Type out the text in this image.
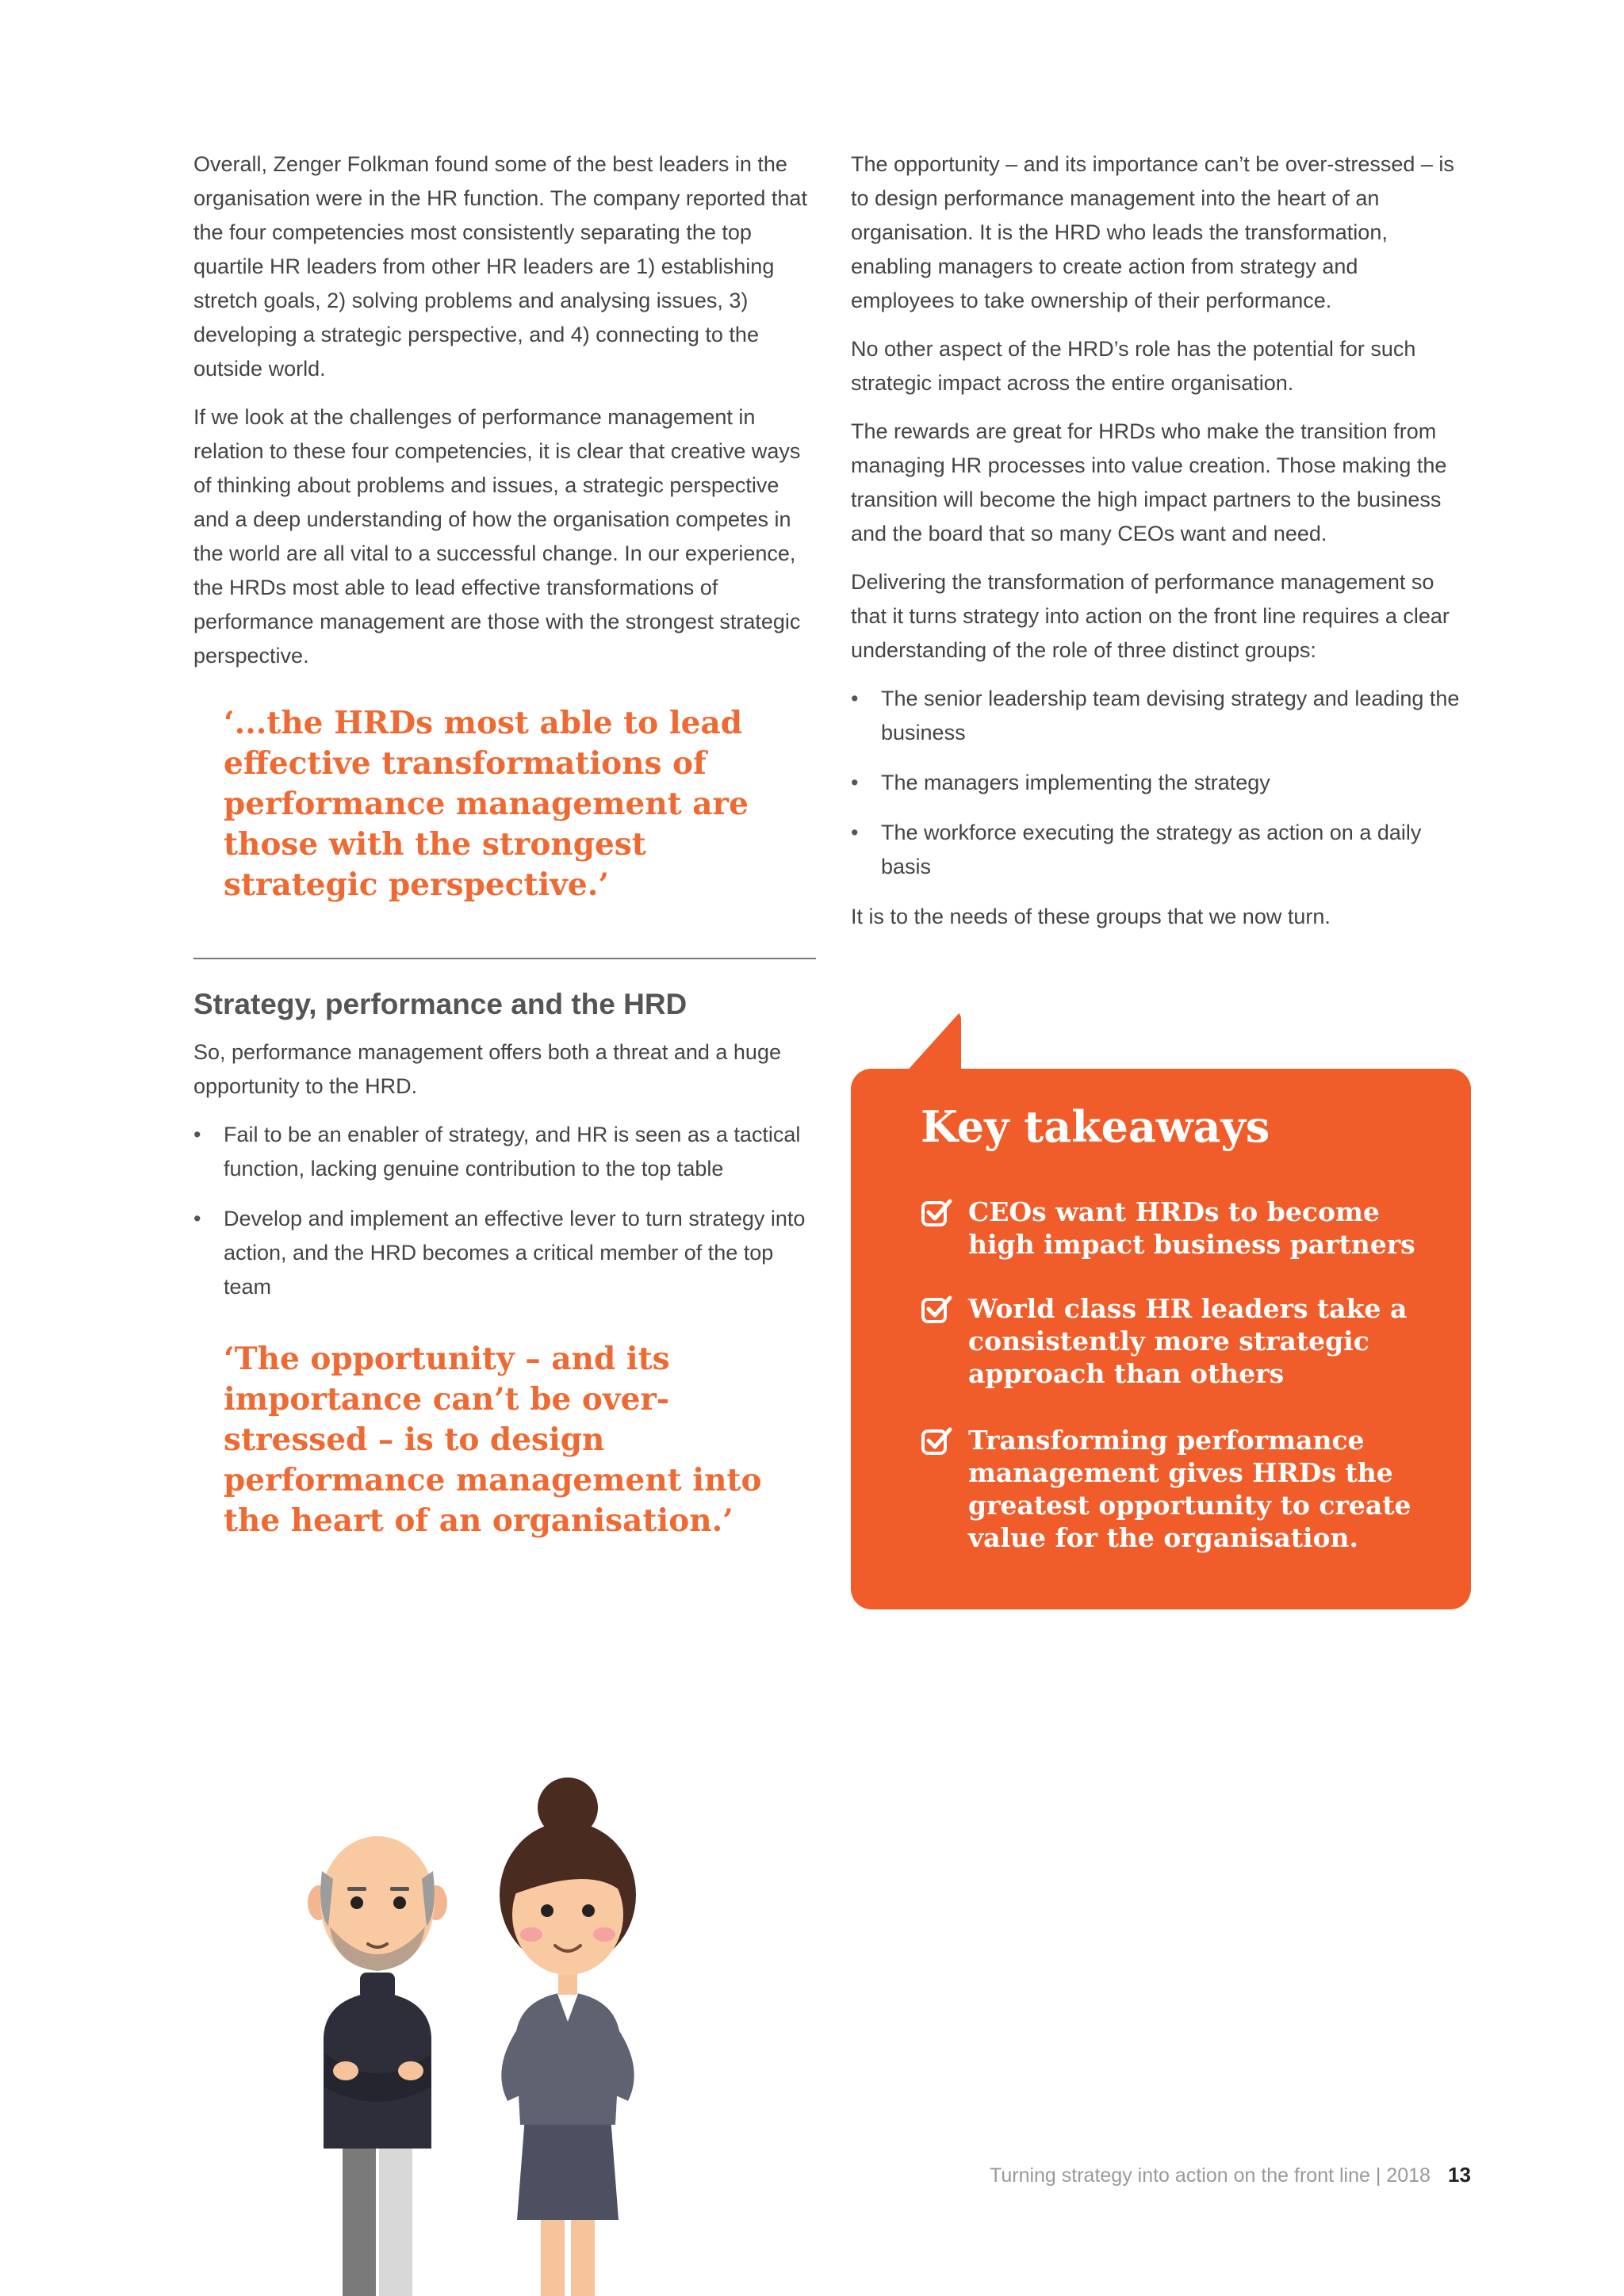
Overall, Zenger Folkman found some of the best leaders in the organisation were in the HR function. The company reported that the four competencies most consistently separating the top quartile HR leaders from other HR leaders are 1) establishing stretch goals, 2) solving problems and analysing issues, 3) developing a strategic perspective, and 4) connecting to the outside world.

If we look at the challenges of performance management in relation to these four competencies, it is clear that creative ways of thinking about problems and issues, a strategic perspective and a deep understanding of how the organisation competes in the world are all vital to a successful change. In our experience, the HRDs most able to lead effective transformations of performance management are those with the strongest strategic perspective.

‘...the HRDs most able to lead effective transformations of performance management are those with the strongest strategic perspective.’
Strategy, performance and the HRD

So, performance management offers both a threat and a huge opportunity to the HRD.

• Fail to be an enabler of strategy, and HR is seen as a tactical function, lacking genuine contribution to the top table
• Develop and implement an effective lever to turn strategy into action, and the HRD becomes a critical member of the top team
‘The opportunity – and its importance can’t be over-stressed – is to design performance management into the heart of an organisation.’

The opportunity – and its importance can’t be over-stressed – is to design performance management into the heart of an organisation. It is the HRD who leads the transformation, enabling managers to create action from strategy and employees to take ownership of their performance.

No other aspect of the HRD’s role has the potential for such strategic impact across the entire organisation.

The rewards are great for HRDs who make the transition from managing HR processes into value creation. Those making the transition will become the high impact partners to the business and the board that so many CEOs want and need.

Delivering the transformation of performance management so that it turns strategy into action on the front line requires a clear understanding of the role of three distinct groups:

• The senior leadership team devising strategy and leading the business
• The managers implementing the strategy
• The workforce executing the strategy as action on a daily basis

It is to the needs of these groups that we now turn.

Key takeaways
CEOs want HRDs to become high impact business partners
World class HR leaders take a consistently more strategic approach than others
Transforming performance management gives HRDs the greatest opportunity to create value for the organisation.
Turning strategy into action on the front line | 2018 13
